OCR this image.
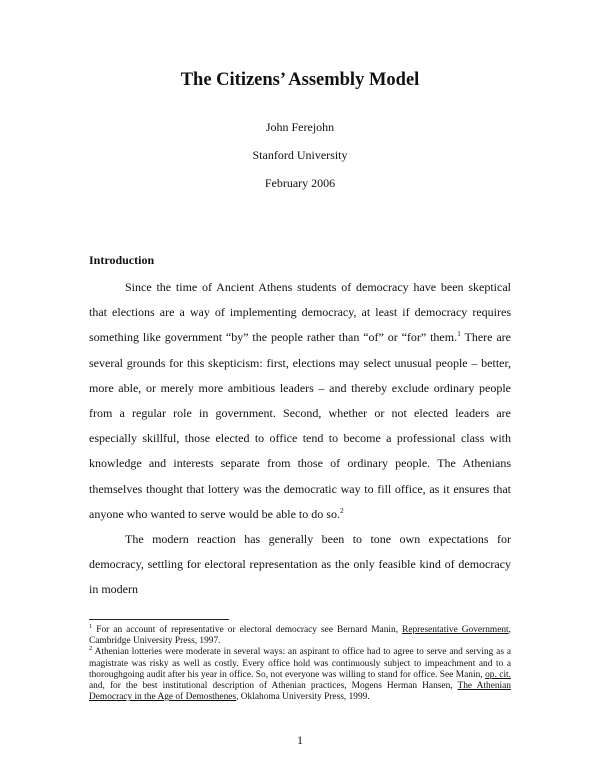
The Citizens’ Assembly Model
John Ferejohn
Stanford University
February 2006
Introduction

Since the time of Ancient Athens students of democracy have been skeptical that elections are a way of implementing democracy, at least if democracy requires something like government “by” the people rather than “of” or “for” them.$^1$ There are several grounds for this skepticism: first, elections may select unusual people – better, more able, or merely more ambitious leaders – and thereby exclude ordinary people from a regular role in government. Second, whether or not elected leaders are especially skillful, those elected to office tend to become a professional class with knowledge and interests separate from those of ordinary people. The Athenians themselves thought that lottery was the democratic way to fill office, as it ensures that anyone who wanted to serve would be able to do so.$^2$

The modern reaction has generally been to tone own expectations for democracy, settling for electoral representation as the only feasible kind of democracy in modern

$^1$ For an account of representative or electoral democracy see Bernard Manin, Representative Government, Cambridge University Press, 1997.

$^2$ Athenian lotteries were moderate in several ways: an aspirant to office had to agree to serve and serving as a magistrate was risky as well as costly. Every office hold was continuously subject to impeachment and to a thoroughgoing audit after his year in office. So, not everyone was willing to stand for office. See Manin, op. cit. and, for the best institutional description of Athenian practices, Mogens Herman Hansen, The Athenian Democracy in the Age of Demosthenes, Oklahoma University Press, 1999.

1
